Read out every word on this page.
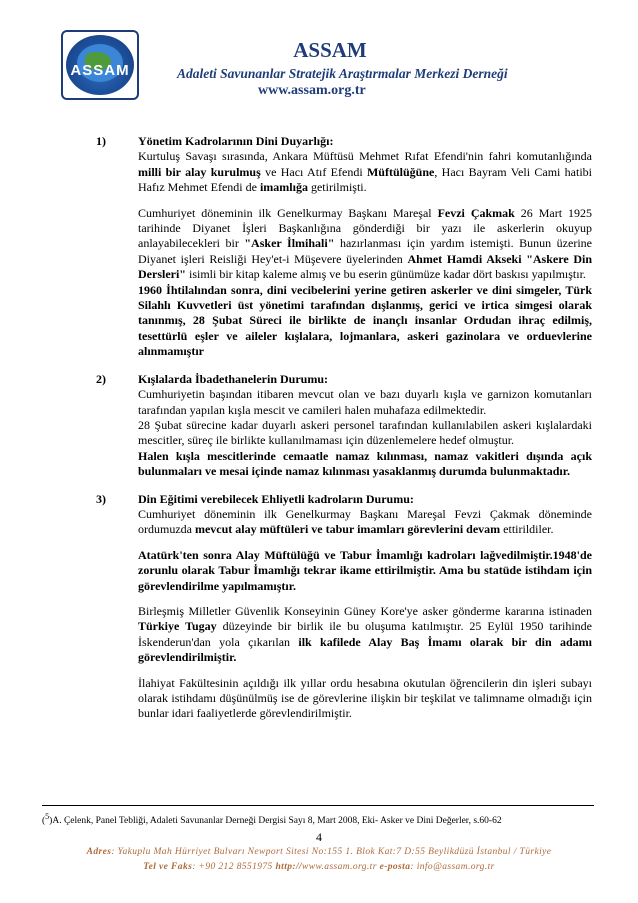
ASSAM
ASSAM
Adaleti Savunanlar Stratejik Araştırmalar Merkezi Derneği
www.assam.org.tr
1)	Yönetim Kadrolarının Dini Duyarlığı:
Kurtuluş Savaşı sırasında, Ankara Müftüsü Mehmet Rıfat Efendi'nin fahri komutanlığında milli bir alay kurulmuş ve Hacı Atıf Efendi Müftülüğüne, Hacı Bayram Veli Cami hatibi Hafız Mehmet Efendi de imamlığa getirilmişti.
Cumhuriyet döneminin ilk Genelkurmay Başkanı Mareşal Fevzi Çakmak 26 Mart 1925 tarihinde Diyanet İşleri Başkanlığına gönderdiği bir yazı ile askerlerin okuyup anlayabilecekleri bir "Asker İlmihali" hazırlanması için yardım istemişti. Bunun üzerine Diyanet işleri Reisliği Hey'et-i Müşevere üyelerinden Ahmet Hamdi Akseki "Askere Din Dersleri" isimli bir kitap kaleme almış ve bu eserin günümüze kadar dört baskısı yapılmıştır.
1960 İhtilalından sonra, dini vecibelerini yerine getiren askerler ve dini simgeler, Türk Silahlı Kuvvetleri üst yönetimi tarafından dışlanmış, gerici ve irtica simgesi olarak tanınmış, 28 Şubat Süreci ile birlikte de inançlı insanlar Ordudan ihraç edilmiş, tesettürlü eşler ve aileler kışlalara, lojmanlara, askeri gazinolara ve orduevlerine alınmamıştır
2)	Kışlalarda İbadethanelerin Durumu:
Cumhuriyetin başından itibaren mevcut olan ve bazı duyarlı kışla ve garnizon komutanları tarafından yapılan kışla mescit ve camileri halen muhafaza edilmektedir.
28 Şubat sürecine kadar duyarlı askeri personel tarafından kullanılabilen askeri kışlalardaki mescitler, süreç ile birlikte kullanılmaması için düzenlemelere hedef olmuştur.
Halen kışla mescitlerinde cemaatle namaz kılınması, namaz vakitleri dışında açık bulunmaları ve mesai içinde namaz kılınması yasaklanmış durumda bulunmaktadır.
3)	Din Eğitimi verebilecek Ehliyetli kadroların Durumu:
Cumhuriyet döneminin ilk Genelkurmay Başkanı Mareşal Fevzi Çakmak döneminde ordumuzda mevcut alay müftüleri ve tabur imamları görevlerini devam ettirildiler.
Atatürk'ten sonra Alay Müftülüğü ve Tabur İmamlığı kadroları lağvedilmiştir.1948'de zorunlu olarak Tabur İmamlığı tekrar ikame ettirilmiştir. Ama bu statüde istihdam için görevlendirilme yapılmamıştır.
Birleşmiş Milletler Güvenlik Konseyinin Güney Kore'ye asker gönderme kararına istinaden Türkiye Tugay düzeyinde bir birlik ile bu oluşuma katılmıştır. 25 Eylül 1950 tarihinde İskenderun'dan yola çıkarılan ilk kafilede Alay Baş İmamı olarak bir din adamı görevlendirilmiştir.
İlahiyat Fakültesinin açıldığı ilk yıllar ordu hesabına okutulan öğrencilerin din işleri subayı olarak istihdamı düşünülmüş ise de görevlerine ilişkin bir teşkilat ve talimname olmadığı için bunlar idari faaliyetlerde görevlendirilmiştir.
($^5$)A. Çelenk, Panel Tebliği, Adaleti Savunanlar Derneği Dergisi Sayı 8, Mart 2008, Eki- Asker ve Dini Değerler, s.60-62
4
Adres: Yakuplu Mah Hürriyet Bulvarı Newport Sitesi No:155 1. Blok Kat:7 D:55 Beylikdüzü İstanbul / Türkiye
Tel ve Faks: +90 212 8551975 http://www.assam.org.tr e-posta: info@assam.org.tr
